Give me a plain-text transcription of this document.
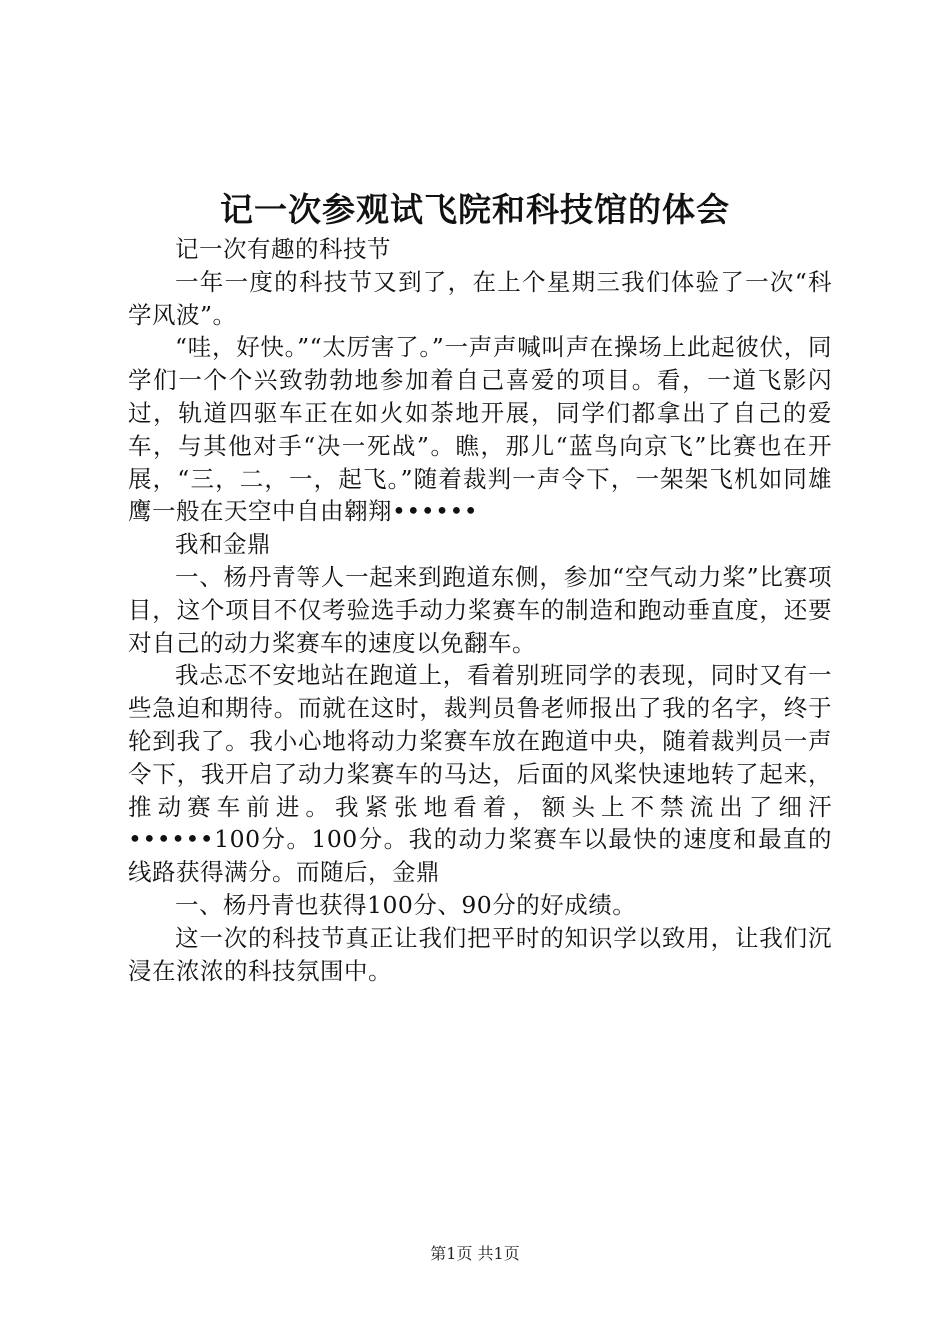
记一次参观试飞院和科技馆的体会

记一次有趣的科技节

一年一度的科技节又到了，在上个星期三我们体验了一次“科学风波”。

“哇，好快。”“太厉害了。”一声声喊叫声在操场上此起彼伏，同学们一个个兴致勃勃地参加着自己喜爱的项目。看，一道飞影闪过，轨道四驱车正在如火如荼地开展，同学们都拿出了自己的爱车，与其他对手“决一死战”。瞧，那儿“蓝鸟向京飞”比赛也在开展，“三，二，一，起飞。”随着裁判一声令下，一架架飞机如同雄鹰一般在天空中自由翱翔••••••

我和金鼎

一、杨丹青等人一起来到跑道东侧，参加“空气动力桨”比赛项目，这个项目不仅考验选手动力桨赛车的制造和跑动垂直度，还要对自己的动力桨赛车的速度以免翻车。

我忐忑不安地站在跑道上，看着别班同学的表现，同时又有一些急迫和期待。而就在这时，裁判员鲁老师报出了我的名字，终于轮到我了。我小心地将动力桨赛车放在跑道中央，随着裁判员一声令下，我开启了动力桨赛车的马达，后面的风桨快速地转了起来，推动赛车前进。我紧张地看着，额头上不禁流出了细汗••••••100分。100分。我的动力桨赛车以最快的速度和最直的线路获得满分。而随后，金鼎

一、杨丹青也获得100分、90分的好成绩。

这一次的科技节真正让我们把平时的知识学以致用，让我们沉浸在浓浓的科技氛围中。

第1页 共1页
